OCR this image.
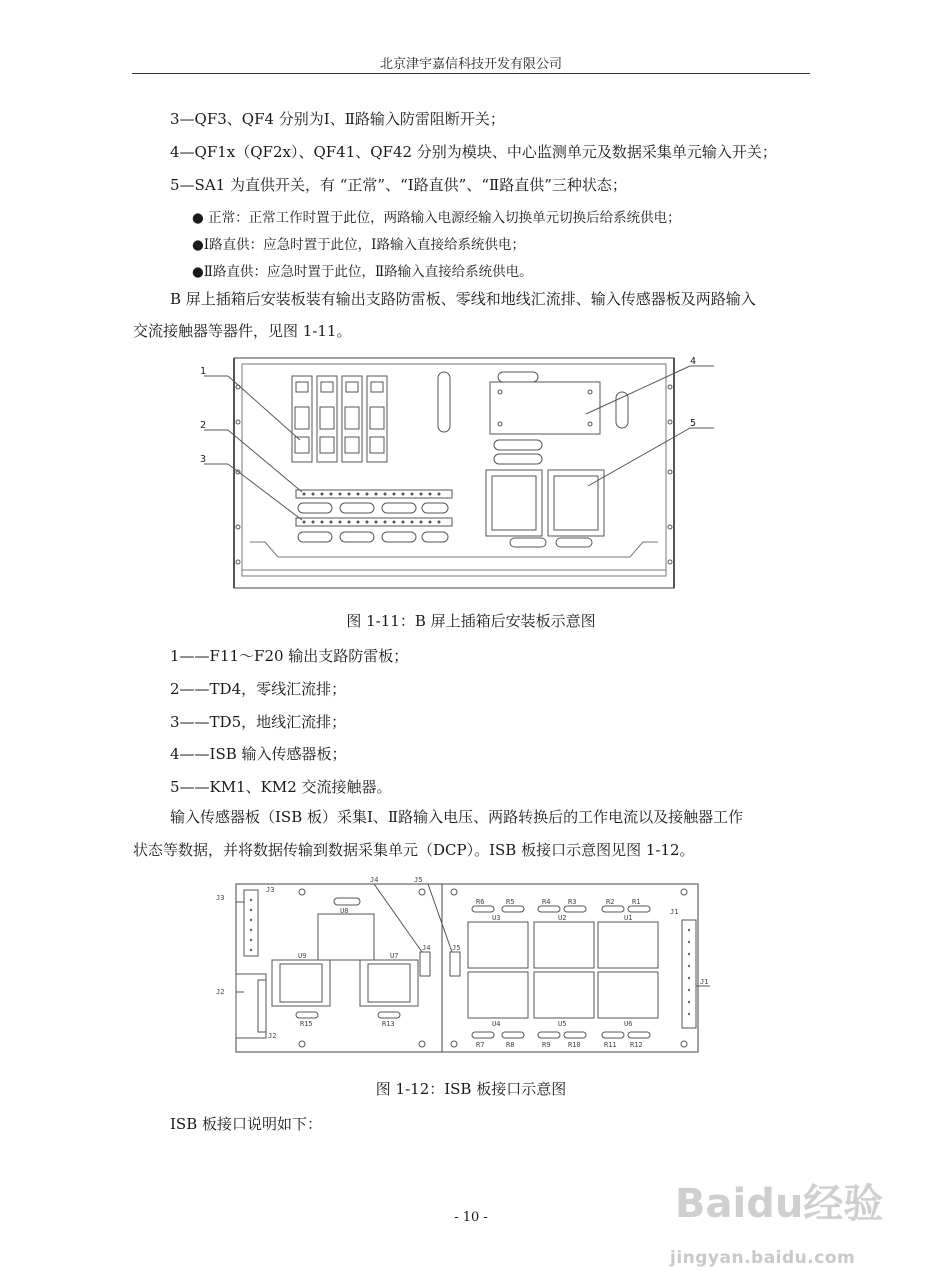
北京津宇嘉信科技开发有限公司
3—QF3、QF4 分别为Ⅰ、Ⅱ路输入防雷阻断开关；
4—QF1x（QF2x）、QF41、QF42 分别为模块、中心监测单元及数据采集单元输入开关；
5—SA1 为直供开关，有 “正常”、“Ⅰ路直供”、“Ⅱ路直供”三种状态；
● 正常：正常工作时置于此位，两路输入电源经输入切换单元切换后给系统供电；
●Ⅰ路直供：应急时置于此位，Ⅰ路输入直接给系统供电；
●Ⅱ路直供：应急时置于此位，Ⅱ路输入直接给系统供电。
B 屏上插箱后安装板装有输出支路防雷板、零线和地线汇流排、输入传感器板及两路输入
交流接触器等器件，见图 1-11。
1
2
3
4
5
图 1-11：B 屏上插箱后安装板示意图
1——F11～F20 输出支路防雷板；
2——TD4，零线汇流排；
3——TD5，地线汇流排；
4——ISB 输入传感器板；
5——KM1、KM2 交流接触器。
输入传感器板（ISB 板）采集Ⅰ、Ⅱ路输入电压、两路转换后的工作电流以及接触器工作
状态等数据，并将数据传输到数据采集单元（DCP）。ISB 板接口示意图见图 1-12。
J3
J3
J2
J2
J4
J4
J5
J5
J1
J1
U8
U9	U7
R15	R13
R6	R5	R4	R3	R2	R1
U3	U2	U1
U4	U5	U6
R7	R8	R9	R10	R11 R12
图 1-12：ISB 板接口示意图
ISB 板接口说明如下：
- 10 -	Baidu经验
jingyan.baidu.com
